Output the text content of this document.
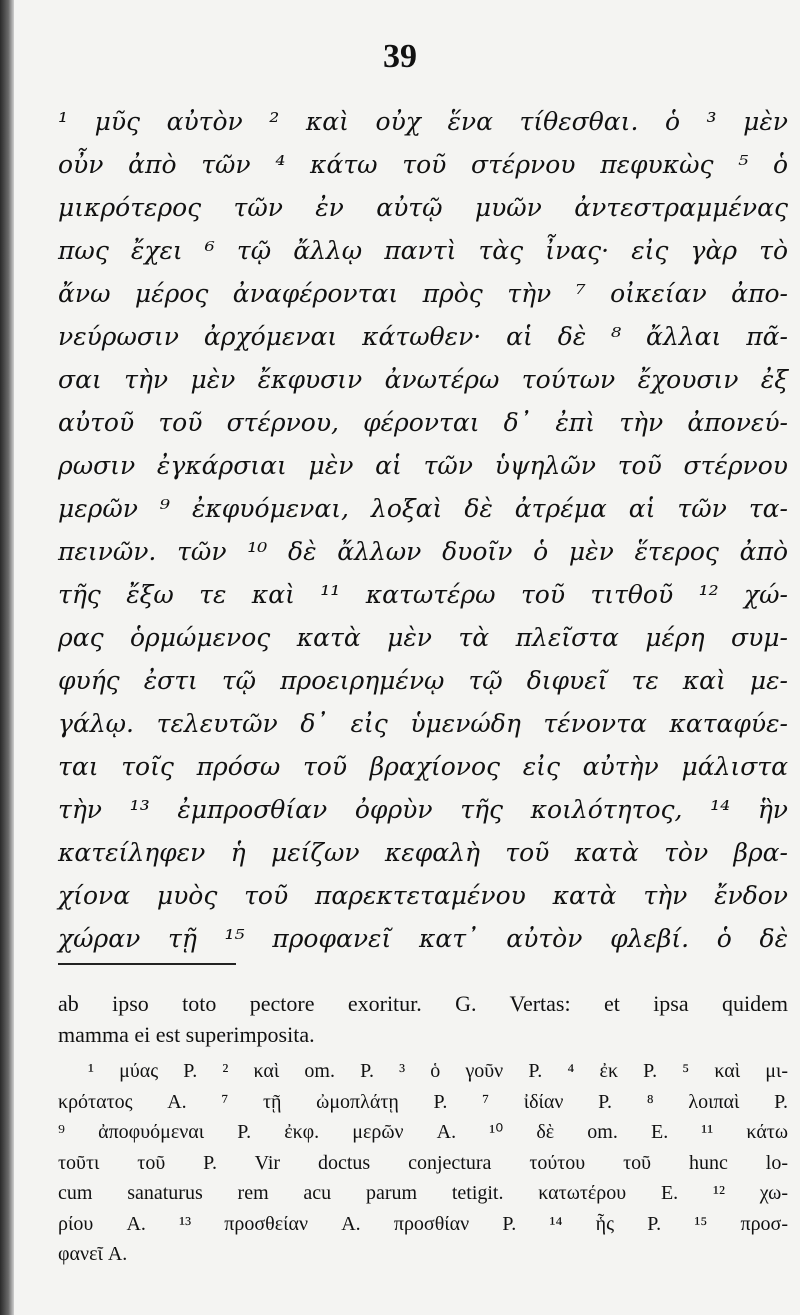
39
¹ μῦς αὐτὸν ² καὶ οὐχ ἕνα τίθεσθαι. ὁ ³ μὲν
οὖν ἀπὸ τῶν ⁴ κάτω τοῦ στέρνου πεφυκὼς ⁵ ὁ
μικρότερος τῶν ἐν αὐτῷ μυῶν ἀντεστραμμένας
πως ἔχει ⁶ τῷ ἄλλῳ παντὶ τὰς ἶνας· εἰς γὰρ τὸ
ἄνω μέρος ἀναφέρονται πρὸς τὴν ⁷ οἰκείαν ἀπο-
νεύρωσιν ἀρχόμεναι κάτωθεν· αἱ δὲ ⁸ ἄλλαι πᾶ-
σαι τὴν μὲν ἔκφυσιν ἀνωτέρω τούτων ἔχουσιν ἐξ
αὐτοῦ τοῦ στέρνου, φέρονται δ᾽ ἐπὶ τὴν ἀπονεύ-
ρωσιν ἐγκάρσιαι μὲν αἱ τῶν ὑψηλῶν τοῦ στέρνου
μερῶν ⁹ ἐκφυόμεναι, λοξαὶ δὲ ἀτρέμα αἱ τῶν τα-
πεινῶν. τῶν ¹⁰ δὲ ἄλλων δυοῖν ὁ μὲν ἕτερος ἀπὸ
τῆς ἔξω τε καὶ ¹¹ κατωτέρω τοῦ τιτθοῦ ¹² χώ-
ρας ὁρμώμενος κατὰ μὲν τὰ πλεῖστα μέρη συμ-
φυής ἐστι τῷ προειρημένῳ τῷ διφυεῖ τε καὶ με-
γάλῳ. τελευτῶν δ᾽ εἰς ὑμενώδη τένοντα καταφύε-
ται τοῖς πρόσω τοῦ βραχίονος εἰς αὐτὴν μάλιστα
τὴν ¹³ ἐμπροσθίαν ὀφρὺν τῆς κοιλότητος, ¹⁴ ἣν
κατείληφεν ἡ μείζων κεφαλὴ τοῦ κατὰ τὸν βρα-
χίονα μυὸς τοῦ παρεκτεταμένου κατὰ τὴν ἔνδον
χώραν τῇ ¹⁵ προφανεῖ κατ᾽ αὐτὸν φλεβί. ὁ δὲ
ab ipso toto pectore exoritur. G. Vertas: et ipsa quidem
mamma ei est superimposita.
¹ μύας P. ² καὶ om. P. ³ ὁ γοῦν P. ⁴ ἐκ P. ⁵ καὶ μι-
κρότατος A. ⁷ τῇ ὠμοπλάτῃ P. ⁷ ἰδίαν P. ⁸ λοιπαὶ P.
⁹ ἀποφυόμεναι P. ἐκφ. μερῶν A. ¹⁰ δὲ om. E. ¹¹ κάτω
τοῦτι τοῦ P. Vir doctus conjectura τούτου τοῦ hunc lo-
cum sanaturus rem acu parum tetigit. κατωτέρου E. ¹² χω-
ρίου A. ¹³ προσθείαν A. προσθίαν P. ¹⁴ ἧς P. ¹⁵ προσ-
φανεῖ A.
